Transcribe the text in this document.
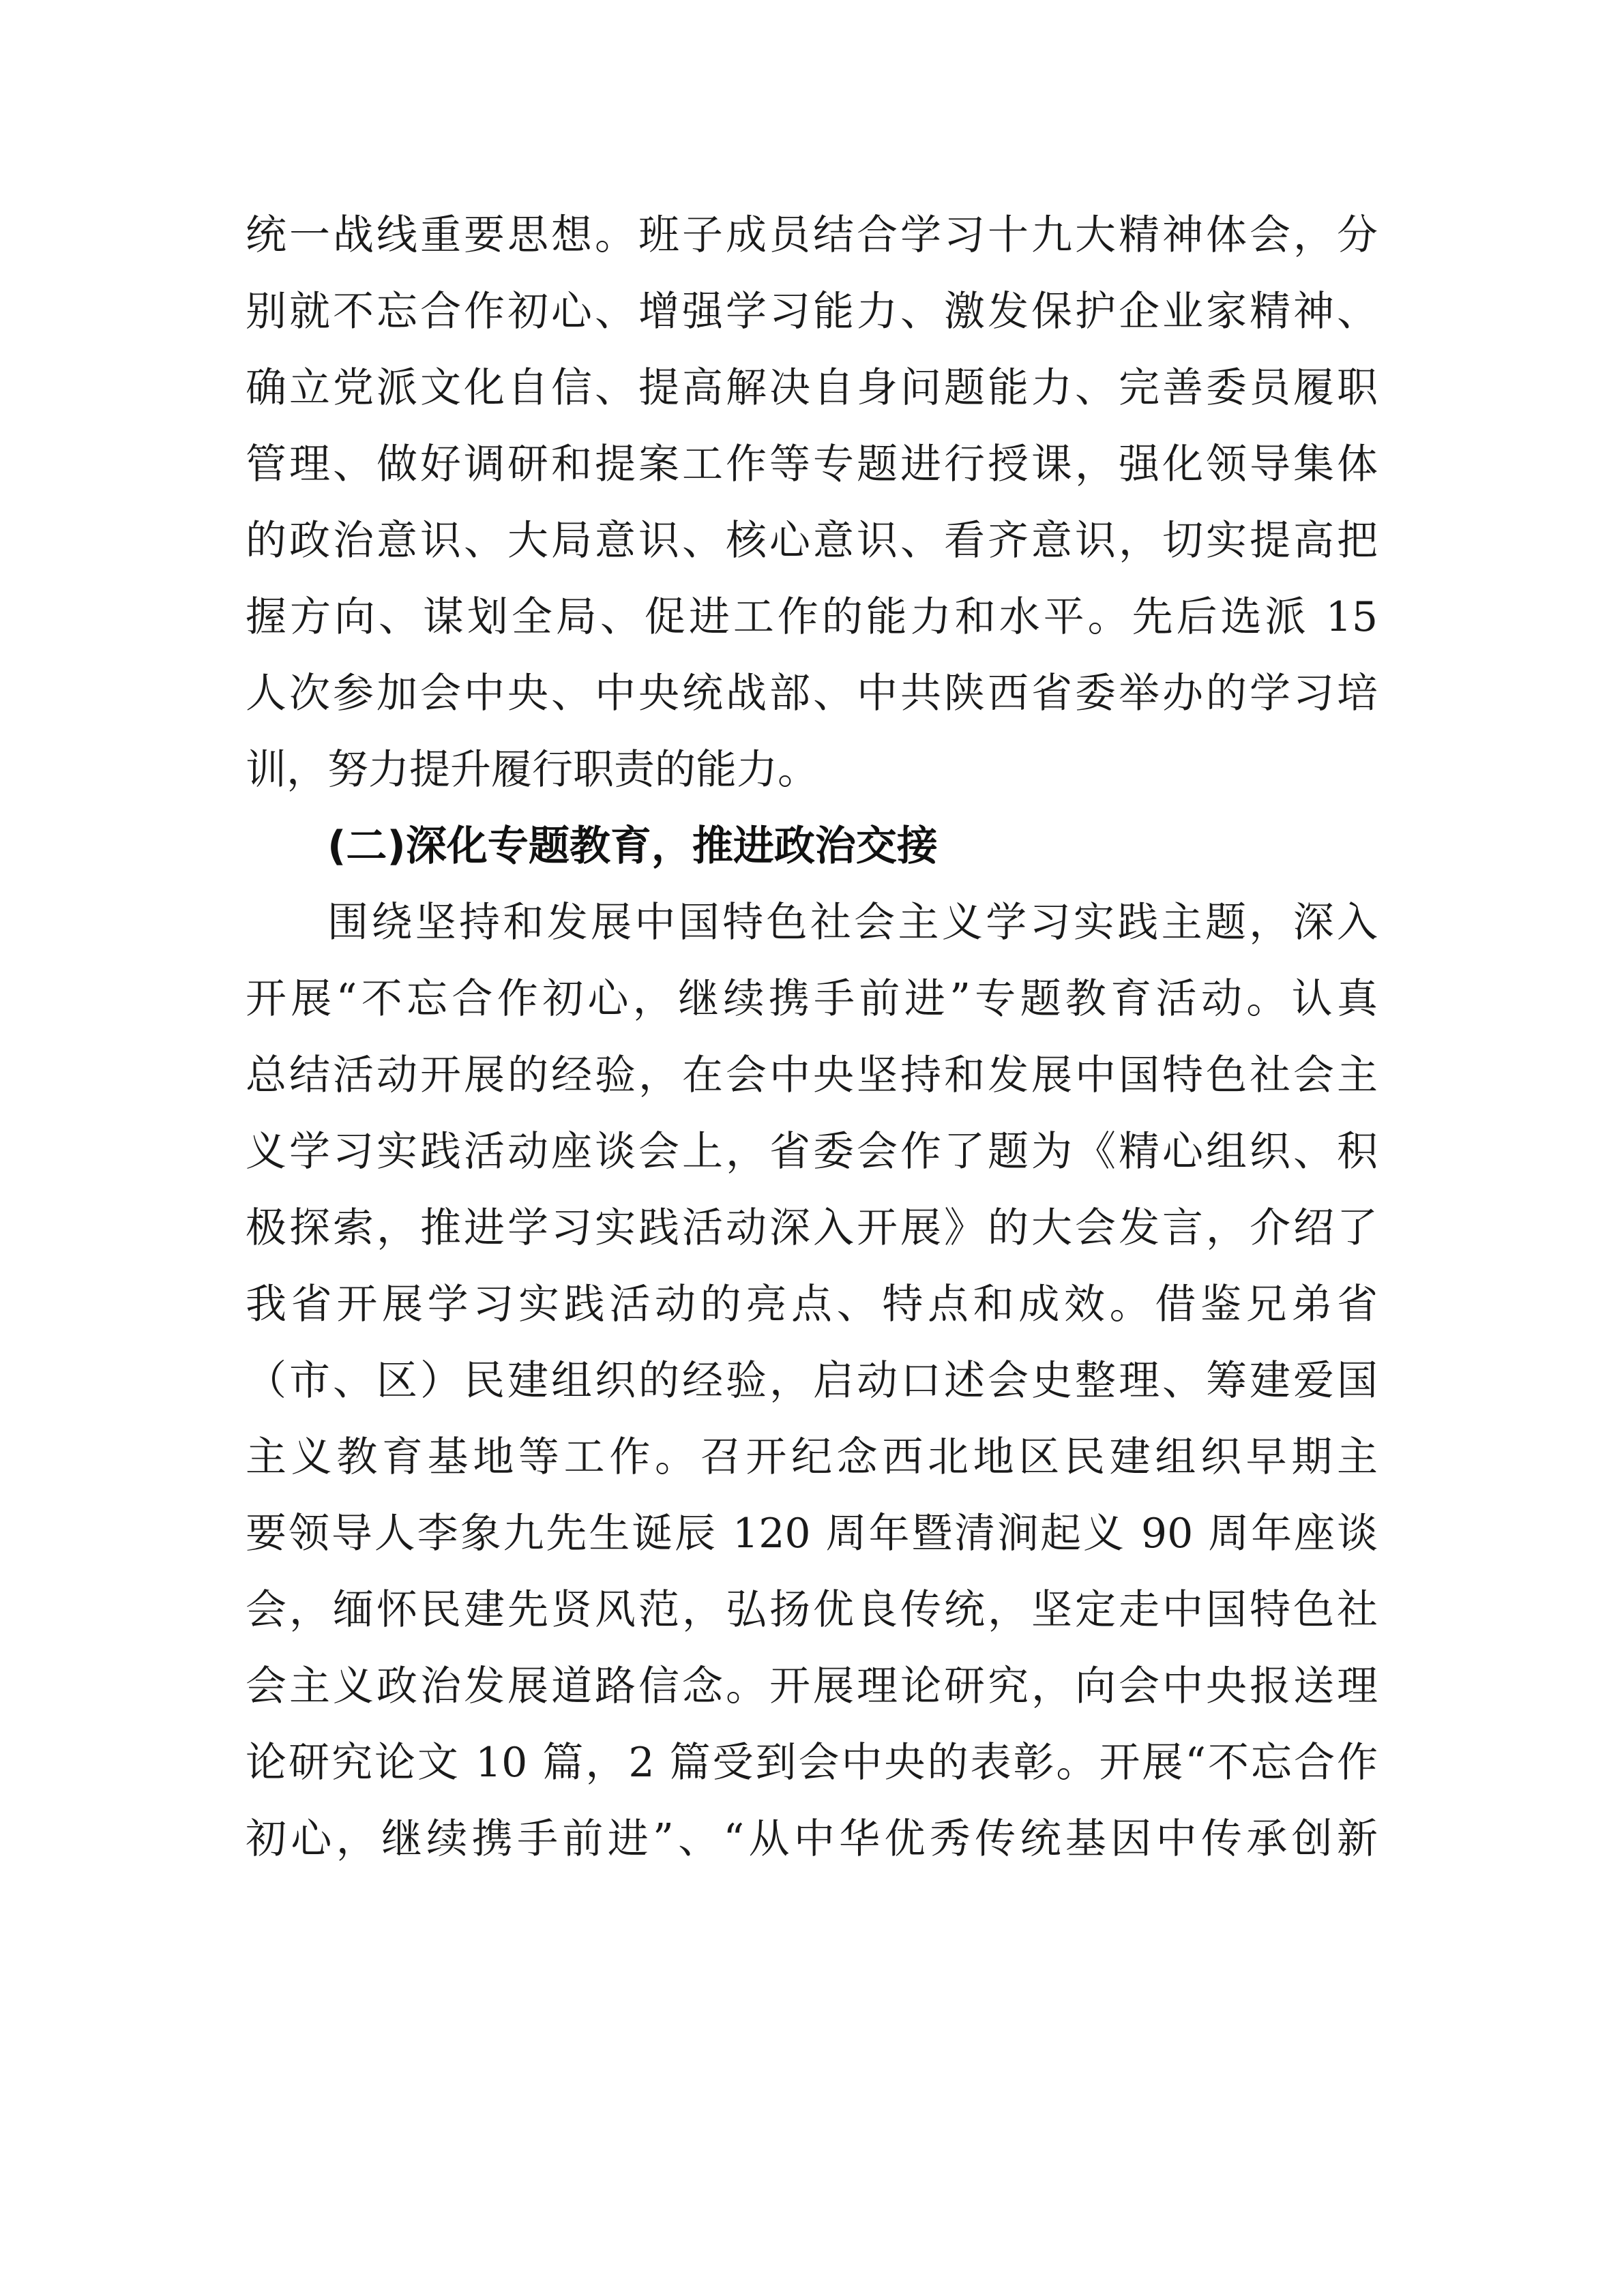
统一战线重要思想。班子成员结合学习十九大精神体会，分
别就不忘合作初心、增强学习能力、激发保护企业家精神、
确立党派文化自信、提高解决自身问题能力、完善委员履职
管理、做好调研和提案工作等专题进行授课，强化领导集体
的政治意识、大局意识、核心意识、看齐意识，切实提高把
握方向、谋划全局、促进工作的能力和水平。先后选派 15
人次参加会中央、中央统战部、中共陕西省委举办的学习培
训，努力提升履行职责的能力。
(二)深化专题教育，推进政治交接
围绕坚持和发展中国特色社会主义学习实践主题，深入
开展“不忘合作初心，继续携手前进”专题教育活动。认真
总结活动开展的经验，在会中央坚持和发展中国特色社会主
义学习实践活动座谈会上，省委会作了题为《精心组织、积
极探索，推进学习实践活动深入开展》的大会发言，介绍了
我省开展学习实践活动的亮点、特点和成效。借鉴兄弟省
（市、区）民建组织的经验，启动口述会史整理、筹建爱国
主义教育基地等工作。召开纪念西北地区民建组织早期主
要领导人李象九先生诞辰 120 周年暨清涧起义 90 周年座谈
会，缅怀民建先贤风范，弘扬优良传统，坚定走中国特色社
会主义政治发展道路信念。开展理论研究，向会中央报送理
论研究论文 10 篇，2 篇受到会中央的表彰。开展“不忘合作
初心，继续携手前进”、“从中华优秀传统基因中传承创新
